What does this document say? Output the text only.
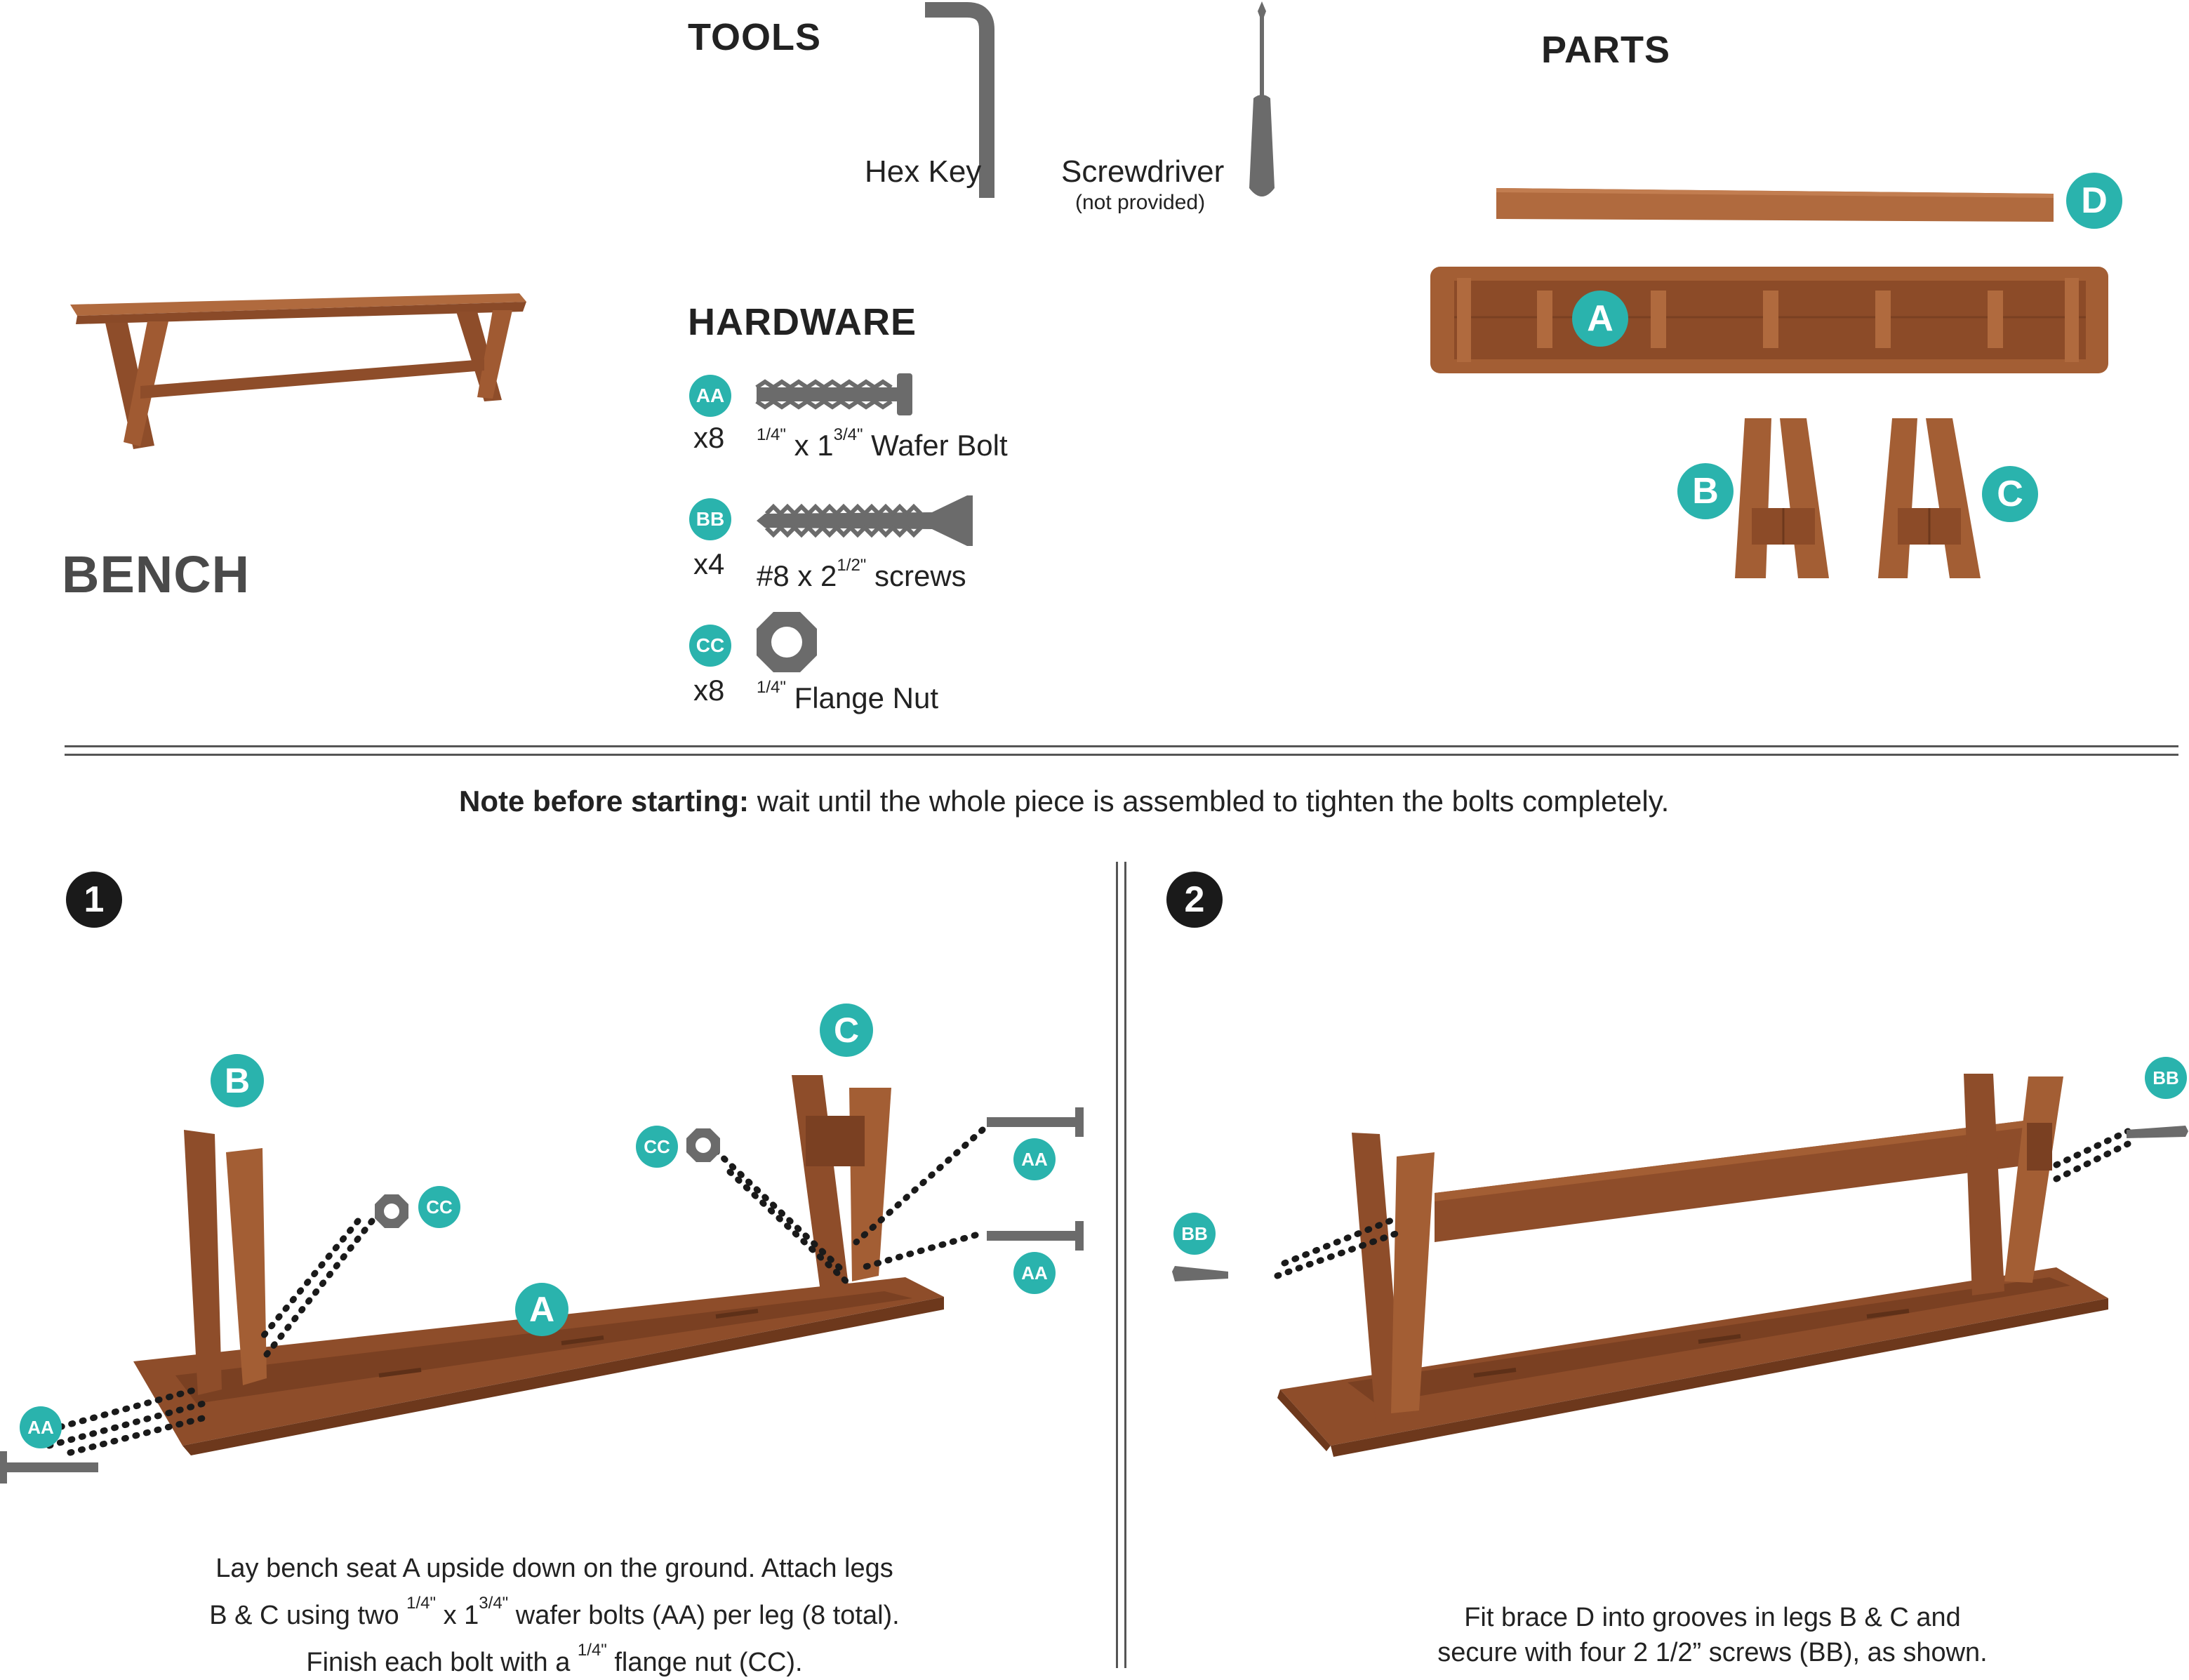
TOOLS	PARTS
HARDWARE
Hex Key	Screwdriver
(not provided)
BENCH
AA
x8 $^{1/4"}$ x $1^{3/4"}$ Wafer Bolt
BB
x4 #8 x $2^{1/2"}$ screws
CC
x8 $^{1/4"}$ Flange Nut
D
A
B	C
Note before starting: wait until the whole piece is assembled to tighten the bolts completely.
1
B
C
A
AA
AA
AA
CC
CC
Lay bench seat A upside down on the ground. Attach legs
B & C using two $^{1/4"}$ x $1^{3/4"}$ wafer bolts (AA) per leg (8 total).
Finish each bolt with a $^{1/4"}$ flange nut (CC).
2
BB
BB
Fit brace D into grooves in legs B & C and
secure with four 2 1/2” screws (BB), as shown.
